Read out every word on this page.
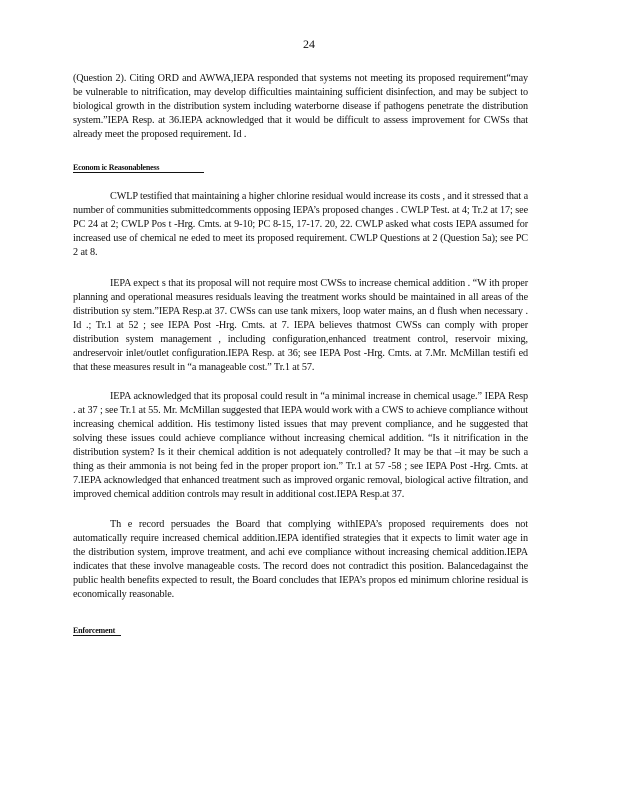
24

(Question 2). Citing ORD and AWWA,IEPA responded that systems not meeting its proposed requirement“may be vulnerable to nitrification, may develop difficulties maintaining sufficient disinfection, and may be subject to biological growth in the distribution system including waterborne disease if pathogens penetrate the distribution system.”IEPA Resp. at 36.IEPA acknowledged that it would be difficult to assess improvement for CWSs that already meet the proposed requirement. Id .

Econom ic Reasonableness

CWLP testified that maintaining a higher chlorine residual would increase its costs , and it stressed that a number of communities submittedcomments opposing IEPA’s proposed changes . CWLP Test. at 4; Tr.2 at 17; see PC 24 at 2; CWLP Pos t -Hrg. Cmts. at 9-10; PC 8-15, 17-17. 20, 22. CWLP asked what costs IEPA assumed for increased use of chemical ne eded to meet its proposed requirement. CWLP Questions at 2 (Question 5a); see PC 2 at 8.

IEPA expect s that its proposal will not require most CWSs to increase chemical addition . “W ith proper planning and operational measures residuals leaving the treatment works should be maintained in all areas of the distribution sy stem.”IEPA Resp.at 37. CWSs can use tank mixers, loop water mains, an d flush when necessary . Id .; Tr.1 at 52 ; see IEPA Post -Hrg. Cmts. at 7. IEPA believes thatmost CWSs can comply with proper distribution system management , including configuration,enhanced treatment control, reservoir mixing, andreservoir inlet/outlet configuration.IEPA Resp. at 36; see IEPA Post -Hrg. Cmts. at 7.Mr. McMillan testifi ed that these measures result in “a manageable cost.” Tr.1 at 57.

IEPA acknowledged that its proposal could result in “a minimal increase in chemical usage.” IEPA Resp . at 37 ; see Tr.1 at 55. Mr. McMillan suggested that IEPA would work with a CWS to achieve compliance without increasing chemical addition. His testimony listed issues that may prevent compliance, and he suggested that solving these issues could achieve compliance without increasing chemical addition. “Is it nitrification in the distribution system? Is it their chemical addition is not adequately controlled? It may be that –it may be such a thing as their ammonia is not being fed in the proper proport ion.” Tr.1 at 57 -58 ; see IEPA Post -Hrg. Cmts. at 7.IEPA acknowledged that enhanced treatment such as improved organic removal, biological active filtration, and improved chemical addition controls may result in additional cost.IEPA Resp.at 37.

Th e record persuades the Board that complying withIEPA’s proposed requirements does not automatically require increased chemical addition.IEPA identified strategies that it expects to limit water age in the distribution system, improve treatment, and achi eve compliance without increasing chemical addition.IEPA indicates that these involve manageable costs. The record does not contradict this position. Balancedagainst the public health benefits expected to result, the Board concludes that IEPA’s propos ed minimum chlorine residual is economically reasonable.

Enforcement
